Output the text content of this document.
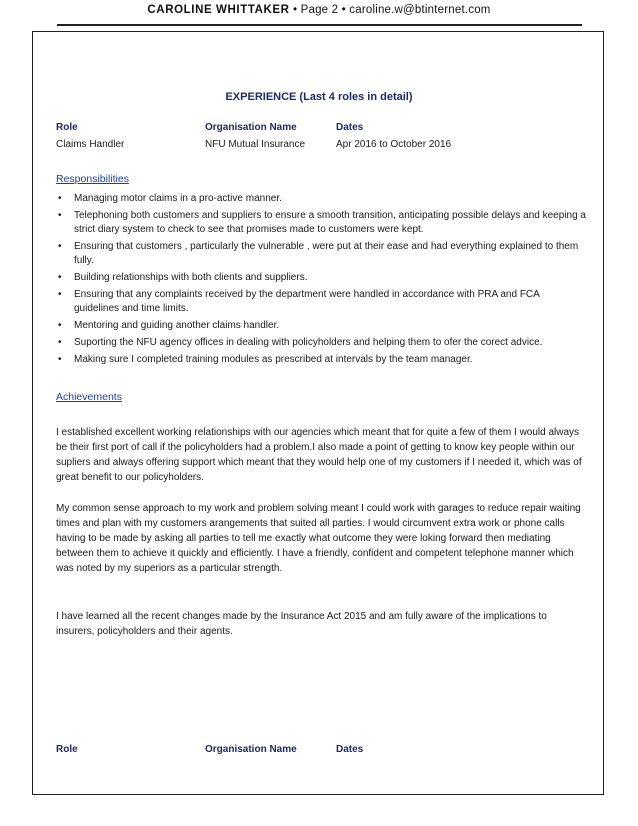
CAROLINE WHITTAKER • Page 2 • caroline.w@btinternet.com
EXPERIENCE (Last 4 roles in detail)
Role	Organisation Name	Dates
Claims Handler	NFU Mutual Insurance	Apr 2016 to October 2016
Responsibilities
• Managing motor claims in a pro-active manner.
• Telephoning both customers and suppliers to ensure a smooth transition, anticipating possible delays and keeping a strict diary system to check to see that promises made to customers were kept.
• Ensuring that customers , particularly the vulnerable , were put at their ease and had everything explained to them fully.
• Building relationships with both clients and suppliers.
• Ensuring that any complaints received by the department were handled in accordance with PRA and FCA guidelines and time limits.
• Mentoring and guiding another claims handler.
• Suporting the NFU agency offices in dealing with policyholders and helping them to ofer the corect advice.
• Making sure I completed training modules as prescribed at intervals by the team manager.
Achievements

I established excellent working relationships with our agencies which meant that for quite a few of them I would always be their first port of call if the policyholders had a problem.I also made a point of getting to know key people within our supliers and always offering support which meant that they would help one of my customers if I needed it, which was of great benefit to our policyholders.

My common sense approach to my work and problem solving meant I could work with garages to reduce repair waiting times and plan with my customers arangements that suited all parties. I would circumvent extra work or phone calls having to be made by asking all parties to tell me exactly what outcome they were loking forward then mediating between them to achieve it quickly and efficiently. I have a friendly, confident and competent telephone manner which was noted by my superiors as a particular strength.

I have learned all the recent changes made by the Insurance Act 2015 and am fully aware of the implications to insurers, policyholders and their agents.

Role	Organisation Name	Dates
